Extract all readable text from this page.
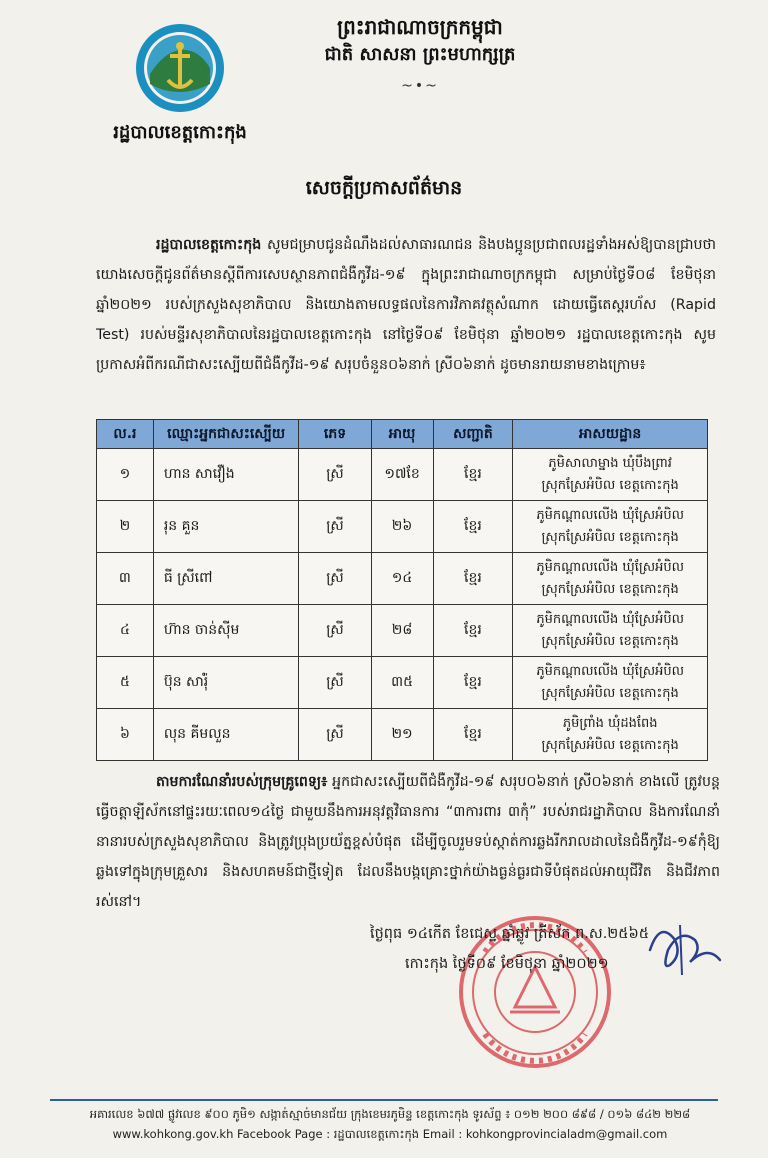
រដ្ឋបាលខេត្តកោះកុង
ព្រះរាជាណាចក្រកម្ពុជា
ជាតិ សាសនា ព្រះមហាក្សត្រ
~•~
សេចក្តីប្រកាសព័ត៌មាន
រដ្ឋបាលខេត្តកោះកុង សូមជម្រាបជូនដំណឹងដល់សាធារណជន និងបងប្អូនប្រជាពលរដ្ឋទាំងអស់ឱ្យបានជ្រាបថា យោងសេចក្ដីជូនព័ត៌មានស្ដីពីការសេបស្ថានភាពជំងឺកូវីដ-១៩ ក្នុងព្រះរាជាណាចក្រកម្ពុជា សម្រាប់ថ្ងៃទី០៨ ខែមិថុនា ឆ្នាំ២០២១ របស់ក្រសួងសុខាភិបាល និងយោងតាមលទ្ធផលនៃការវិភាគវត្ថុសំណាក ដោយធ្វើតេស្តរហ័ស (Rapid Test) របស់មន្ទីរសុខាភិបាលនៃរដ្ឋបាលខេត្តកោះកុង នៅថ្ងៃទី០៩ ខែមិថុនា ឆ្នាំ២០២១ រដ្ឋបាលខេត្តកោះកុង សូមប្រកាសអំពីករណីជាសះស្បើយពីជំងឺកូវីដ-១៩ សរុបចំនួន០៦នាក់ ស្រី០៦នាក់ ដូចមានរាយនាមខាងក្រោម៖
ល.រ	ឈ្មោះអ្នកជាសះស្បើយ	ភេទ	អាយុ	សញ្ជាតិ	អាសយដ្ឋាន
១	ហាន សាវឿង	ស្រី	១៧ខែ	ខ្មែរ	ភូមិសាលាម្នាង ឃុំបឹងព្រាវ
ស្រុកស្រែអំបិល ខេត្តកោះកុង

២	រុន គួន	ស្រី	២៦	ខ្មែរ	ភូមិកណ្ដាលលើង ឃុំស្រែអំបិល
ស្រុកស្រែអំបិល ខេត្តកោះកុង

៣	ធី ស្រីពៅ	ស្រី	១៤	ខ្មែរ	ភូមិកណ្ដាលលើង ឃុំស្រែអំបិល
ស្រុកស្រែអំបិល ខេត្តកោះកុង

៤	ហ៊ាន ចាន់ស៊ីម	ស្រី	២៨	ខ្មែរ	ភូមិកណ្ដាលលើង ឃុំស្រែអំបិល
ស្រុកស្រែអំបិល ខេត្តកោះកុង

៥	ប៊ុន សារ៉ុំ	ស្រី	៣៥	ខ្មែរ	ភូមិកណ្ដាលលើង ឃុំស្រែអំបិល
ស្រុកស្រែអំបិល ខេត្តកោះកុង

៦	លុន គីមលួន	ស្រី	២១	ខ្មែរ	ភូមិព្រាំង ឃុំដងពែង
ស្រុកស្រែអំបិល ខេត្តកោះកុង
តាមការណែនាំរបស់ក្រុមគ្រូពេទ្យ៖ អ្នកជាសះស្បើយពីជំងឺកូវីដ-១៩ សរុប០៦នាក់ ស្រី០៦នាក់ ខាងលើ ត្រូវបន្តធ្វើចត្តាឡីស័កនៅផ្ទះរយៈពេល១៤ថ្ងៃ ជាមួយនឹងការអនុវត្តវិធានការ “៣ការពារ ៣កុំ” របស់រាជរដ្ឋាភិបាល និងការណែនាំនានារបស់ក្រសួងសុខាភិបាល និងត្រូវប្រុងប្រយ័ត្នខ្ពស់បំផុត ដើម្បីចូលរួមទប់ស្កាត់ការឆ្លងរីករាលដាលនៃជំងឺកូវីដ-១៩កុំឱ្យឆ្លងទៅក្នុងក្រុមគ្រួសារ និងសហគមន៍ជាថ្មីទៀត ដែលនឹងបង្កគ្រោះថ្នាក់យ៉ាងធ្ងន់ធ្ងរជាទីបំផុតដល់អាយុជីវិត និងជីវភាពរស់នៅ។
ថ្ងៃពុធ ១៤កើត ខែជេស្ឋ ឆ្នាំឆ្លូវ ត្រីស័ក ព.ស.២៥៦៥
កោះកុង ថ្ងៃទី០៩ ខែមិថុនា ឆ្នាំ២០២១
អគារលេខ ៦៧៧ ផ្លូវលេខ ៩០០ ភូមិ១ សង្កាត់ស្មាច់មានជ័យ ក្រុងខេមរភូមិន្ទ ខេត្តកោះកុង ទូរស័ព្ទ ៖ ០១២ ២០០ ៨៩៨ / ០១៦ ៨៤២ ២២៨
www.kohkong.gov.kh Facebook Page : រដ្ឋបាលខេត្តកោះកុង Email : kohkongprovincialadm@gmail.com
